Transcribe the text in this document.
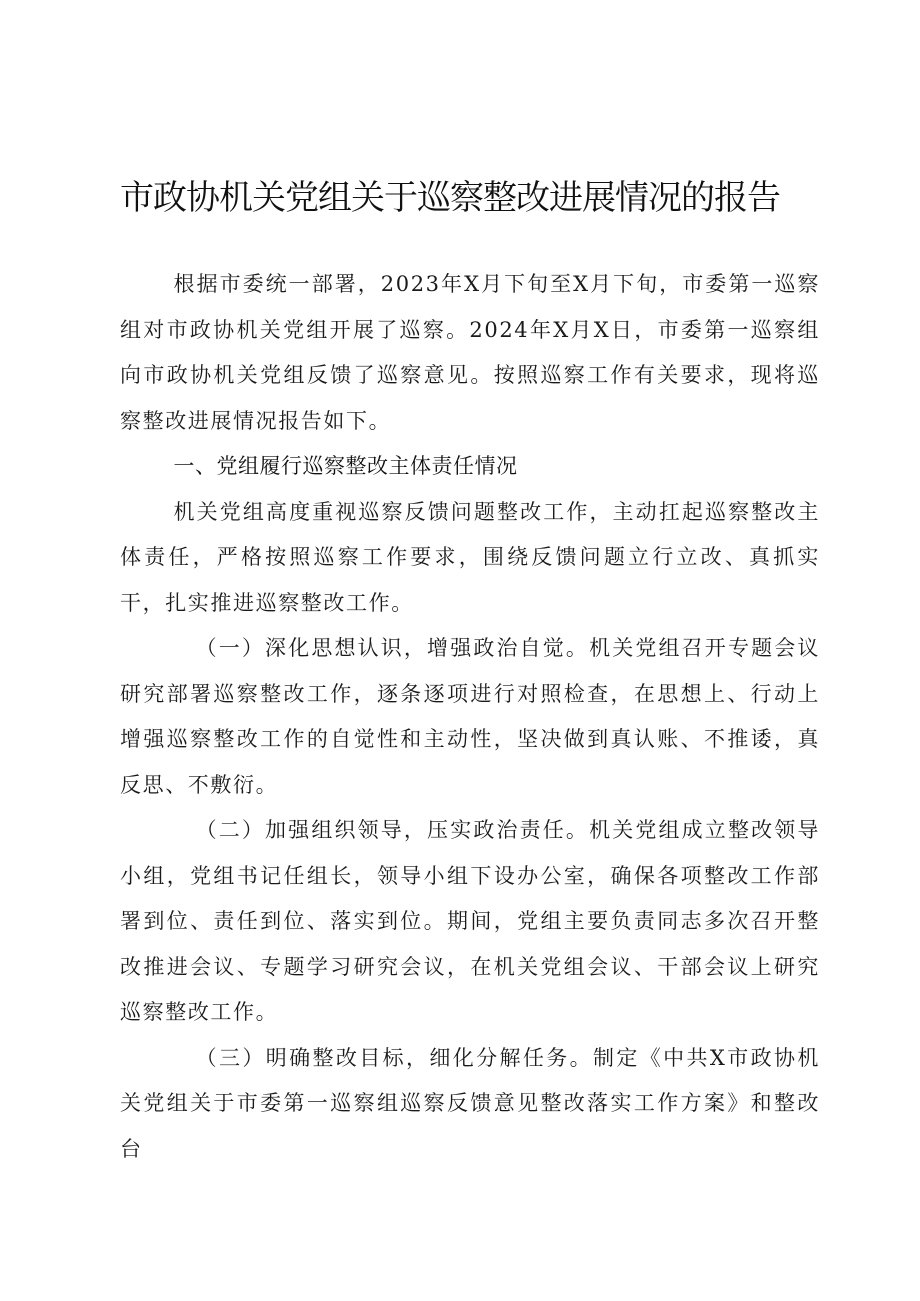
市政协机关党组关于巡察整改进展情况的报告

根据市委统一部署，2023年X月下旬至X月下旬，市委第一巡察组对市政协机关党组开展了巡察。2024年X月X日，市委第一巡察组向市政协机关党组反馈了巡察意见。按照巡察工作有关要求，现将巡察整改进展情况报告如下。

一、党组履行巡察整改主体责任情况

机关党组高度重视巡察反馈问题整改工作，主动扛起巡察整改主体责任，严格按照巡察工作要求，围绕反馈问题立行立改、真抓实干，扎实推进巡察整改工作。

（一）深化思想认识，增强政治自觉。机关党组召开专题会议研究部署巡察整改工作，逐条逐项进行对照检查，在思想上、行动上增强巡察整改工作的自觉性和主动性，坚决做到真认账、不推诿，真反思、不敷衍。

（二）加强组织领导，压实政治责任。机关党组成立整改领导小组，党组书记任组长，领导小组下设办公室，确保各项整改工作部署到位、责任到位、落实到位。期间，党组主要负责同志多次召开整改推进会议、专题学习研究会议，在机关党组会议、干部会议上研究巡察整改工作。

（三）明确整改目标，细化分解任务。制定《中共X市政协机关党组关于市委第一巡察组巡察反馈意见整改落实工作方案》和整改台
